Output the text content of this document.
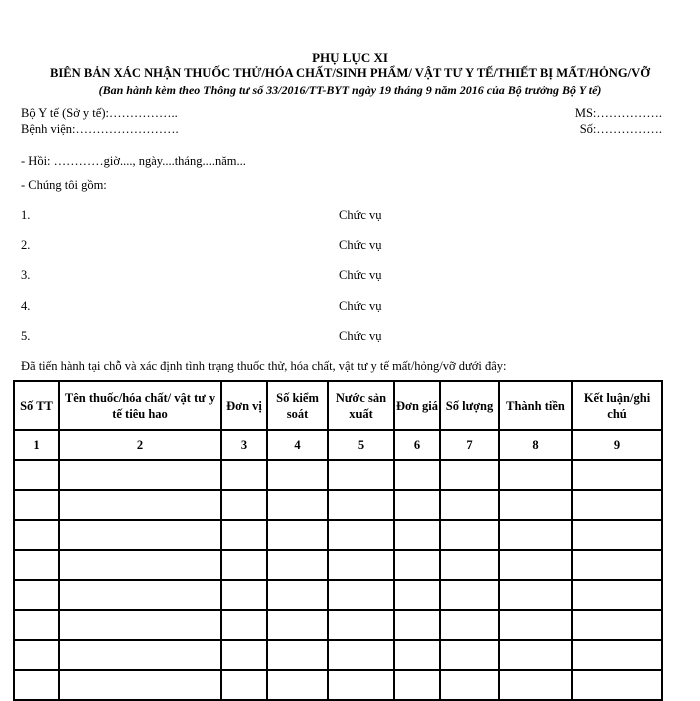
PHỤ LỤC XI
BIÊN BẢN XÁC NHẬN THUỐC THỬ/HÓA CHẤT/SINH PHẨM/ VẬT TƯ Y TẾ/THIẾT BỊ MẤT/HỎNG/VỠ
(Ban hành kèm theo Thông tư số 33/2016/TT-BYT ngày 19 tháng 9 năm 2016 của Bộ trưởng Bộ Y tế)
Bộ Y tế (Sở y tế):……………..	MS:…………….
Bệnh viện:…………………….	Số:…………….
- Hồi: …………giờ...., ngày....tháng....năm...
- Chúng tôi gồm:
1.	Chức vụ
2.	Chức vụ
3.	Chức vụ
4.	Chức vụ
5.	Chức vụ
Đã tiến hành tại chỗ và xác định tình trạng thuốc thử, hóa chất, vật tư y tế mất/hỏng/vỡ dưới đây:
Số TT	Tên thuốc/hóa chất/ vật tư y tế tiêu hao	Đơn vị	Số kiểm soát	Nước sản xuất	Đơn giá	Số lượng	Thành tiền	Kết luận/ghi chú
1	2	3	4	5	6	7	8	9
